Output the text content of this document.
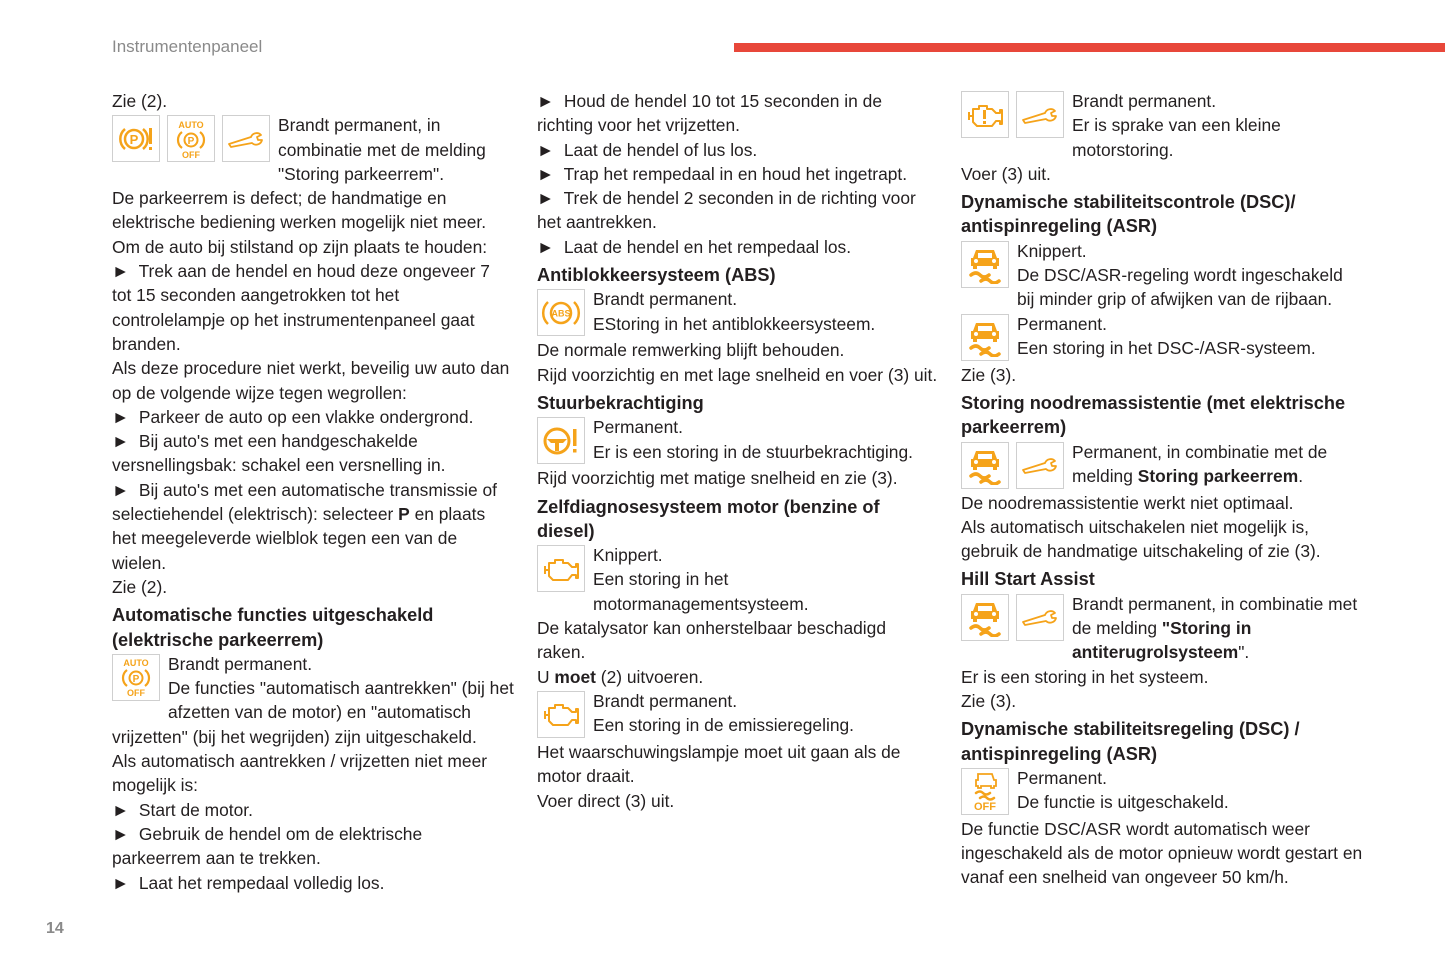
Instrumentenpaneel
14

Zie (2).

P
AUTO
P
OFF
Brandt permanent, in combinatie met de melding "Storing parkeerrem".

De parkeerrem is defect; de handmatige en elektrische bediening werken mogelijk niet meer.

Om de auto bij stilstand op zijn plaats te houden:

►  Trek aan de hendel en houd deze ongeveer 7 tot 15 seconden aangetrokken tot het controlelampje op het instrumentenpaneel gaat branden.

Als deze procedure niet werkt, beveilig uw auto dan op de volgende wijze tegen wegrollen:

►  Parkeer de auto op een vlakke ondergrond.

►  Bij auto's met een handgeschakelde versnellingsbak: schakel een versnelling in.

►  Bij auto's met een automatische transmissie of selectiehendel (elektrisch): selecteer P en plaats het meegeleverde wielblok tegen een van de wielen.

Zie (2).

Automatische functies uitgeschakeld (elektrische parkeerrem)
AUTO
P
OFF
Brandt permanent.
De functies "automatisch aantrekken" (bij het afzetten van de motor) en "automatisch vrijzetten" (bij het wegrijden) zijn uitgeschakeld.

Als automatisch aantrekken / vrijzetten niet meer mogelijk is:

►  Start de motor.

►  Gebruik de hendel om de elektrische parkeerrem aan te trekken.

►  Laat het rempedaal volledig los.

►  Houd de hendel 10 tot 15 seconden in de richting voor het vrijzetten.

►  Laat de hendel of lus los.

►  Trap het rempedaal in en houd het ingetrapt.

►  Trek de hendel 2 seconden in de richting voor het aantrekken.

►  Laat de hendel en het rempedaal los.

Antiblokkeersysteem (ABS)
ABS
Brandt permanent.
EStoring in het antiblokkeersysteem.

De normale remwerking blijft behouden.

Rijd voorzichtig en met lage snelheid en voer (3) uit.

Stuurbekrachtiging
Permanent.
Er is een storing in de stuurbekrachtiging.

Rijd voorzichtig met matige snelheid en zie (3).

Zelfdiagnosesysteem motor (benzine of diesel)
Knippert.
Een storing in het motormanagementsysteem.

De katalysator kan onherstelbaar beschadigd raken.

U moet (2) uitvoeren.

Brandt permanent.
Een storing in de emissieregeling.

Het waarschuwingslampje moet uit gaan als de motor draait.

Voer direct (3) uit.

Brandt permanent.
Er is sprake van een kleine motorstoring.

Voer (3) uit.

Dynamische stabiliteitscontrole (DSC)/ antispinregeling (ASR)
Knippert.
De DSC/ASR-regeling wordt ingeschakeld bij minder grip of afwijken van de rijbaan.
Permanent.
Een storing in het DSC-/ASR-systeem.

Zie (3).

Storing noodremassistentie (met elektrische parkeerrem)
Permanent, in combinatie met de melding Storing parkeerrem.

De noodremassistentie werkt niet optimaal.

Als automatisch uitschakelen niet mogelijk is, gebruik de handmatige uitschakeling of zie (3).

Hill Start Assist
Brandt permanent, in combinatie met de melding "Storing in antiterugrolsysteem".

Er is een storing in het systeem.

Zie (3).

Dynamische stabiliteitsregeling (DSC) / antispinregeling (ASR)
OFF
Permanent.
De functie is uitgeschakeld.

De functie DSC/ASR wordt automatisch weer ingeschakeld als de motor opnieuw wordt gestart en vanaf een snelheid van ongeveer 50 km/h.
